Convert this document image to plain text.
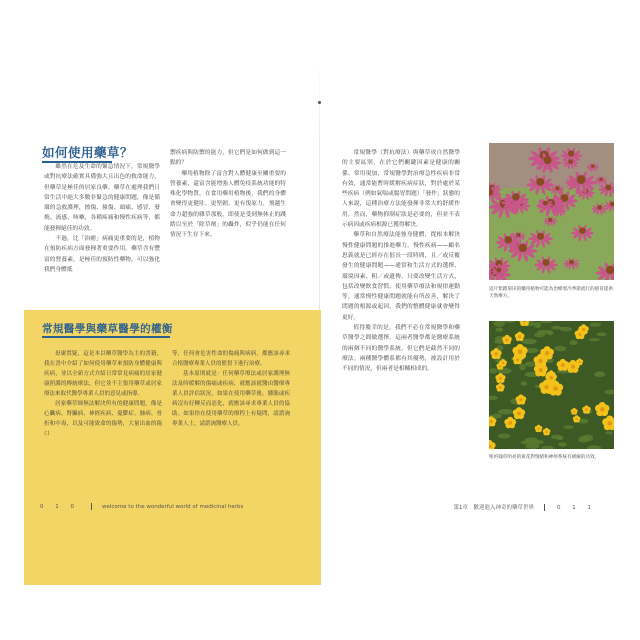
如何使用藥草？

雖然在危及生命的緊急情況下，常規醫學或對抗療法確實具備強大且出色的救命能力，但藥草是極佳的居家良藥。藥草在處理我們日常生活中絕大多數非緊急的健康問題，像是循環的急救護理，擦傷、撞傷、頭痛、感冒、發燒、流感、咳嗽，各種疼痛和慢性疾病等，都能發揮絕佳的功效。

不過，比「治癒」病痛更重要的是，植物在預防疾病方面發揮著重要作用。藥草含有豐富的營養素，是極佳的預防性藥物，可以強化我們身體抵

禦疾病與防禦的能力，但它們是如何做到這一點的？

藥用植物除了富含對人體健康至關重要的營養素，還富含能增強人體免疫系統功能的特殊化學物質，在食用藥用植物後，我們的身體會變得更健壯、更堅韌、更有復原力，飛越生命力超強的雜草那般，即使是受到無休止的踐踏以至於「除草劑」的轟炸，似乎仍能在任何情況下生存下來。

常規醫學與藥草醫學的權衡

毋庸置疑，這是本以藥草醫學為主的書籍，我在書中介紹了如何使用藥草來預防身體健康與疾病，並以全新方式介紹日常常見病痛的居家健康照護的傳統療法，但它並不主張用藥草或居家療法來取代醫學專業人員的意見或指導。

居家藥草師無法解決所有的健康問題，像是心臟病、腎臟病、神經疾病、憂鬱症、肺病、骨折和中毒，以及可能致命的傷勢，大量出血的傷口

等，任何會危害性命的傷痛與病病，都應該尋求合格醫療專業人員的監督下進行治療。

基本原則就是：任何藥草療法或居家護理無法及時緩解的傷痛或疾病，就應該就醫由醫療專業人員評估狀況，如果在使用藥草後，腫脹或疾病沒有好轉反而惡化，就應該尋求專業人員的協助。如果你在使用藥草的療程上有疑問，請諮詢專業人士，請諮詢醫療人員。

0 1 0	welcome to the wonderful world of medicinal herbs

常規醫學（對抗療法）與藥草成自然醫學的主要區別，在於它們關鍵因素是健康的關係。常用現加，常規醫學對治療急性疾病非常有效，通常能暫時緩解疾病症狀，對於處於某些疾病（例如氣喘或腸胃問題）「發作」狀態的人來說，這種治療方法能發揮非常大的舒緩作用，然而，藥物抑制症狀是必要的，但並不表示病因或疾病根源已獲得解決。

藥草和自然療法能強身健體，從根本解決慢性健康問題的推進藥力。慢性疾病——顧名思義就是已經存在很長一段時間，且／或反覆發生的健康問題——通常和生活方式的選擇、環境因素、粗／或遺傳，只要改變生活方式，包括改變飲食習慣、使用藥草療法和規律運動等，通常慢性健康問題就能有所改善，解決了問題的根源或起因，我們的整體健康就會變得更好。

值得慶幸的是，我們不必在常規醫學和藥草醫學之間做選擇。這兩者醫學都是醫療系統的兩個不同的醫學系統，但它們是截然不同的療法。兩種醫學體系都有其優勢，被設計用於不同的情況，但兩者是相輔相成的。

這片紫錐菊田的藥用植物可能為治療寒冷季節流行的感冒提供天然療方。
聖約翰草明亮的黃花對情緒和神經系統有緩解的功效。
第1章　歡迎進入神奇的藥草世界	0 1 1
